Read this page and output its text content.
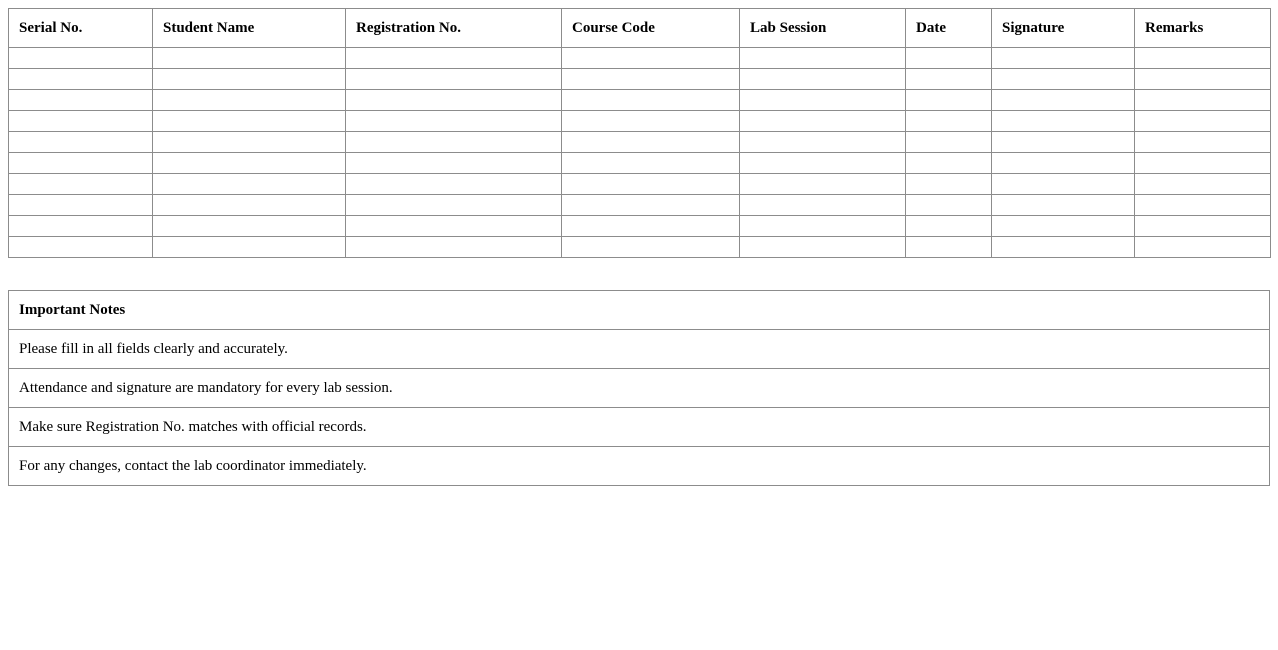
Serial No.	Student Name	Registration No.	Course Code	Lab Session	Date	Signature	Remarks

Important Notes
Please fill in all fields clearly and accurately.
Attendance and signature are mandatory for every lab session.
Make sure Registration No. matches with official records.
For any changes, contact the lab coordinator immediately.
